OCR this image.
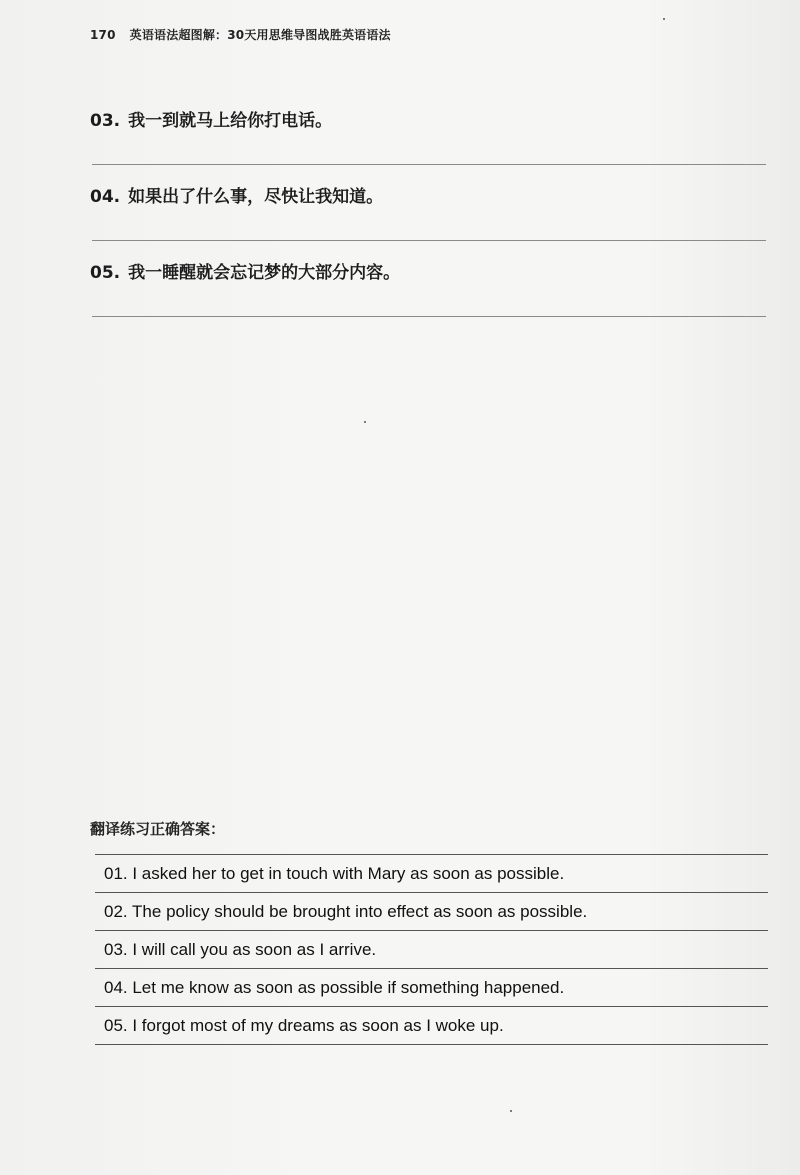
170 英语语法超图解：30天用思维导图战胜英语语法
03. 我一到就马上给你打电话。
04. 如果出了什么事，尽快让我知道。
05. 我一睡醒就会忘记梦的大部分内容。
翻译练习正确答案：
01. I asked her to get in touch with Mary as soon as possible.
02. The policy should be brought into effect as soon as possible.
03. I will call you as soon as I arrive.
04. Let me know as soon as possible if something happened.
05. I forgot most of my dreams as soon as I woke up.
